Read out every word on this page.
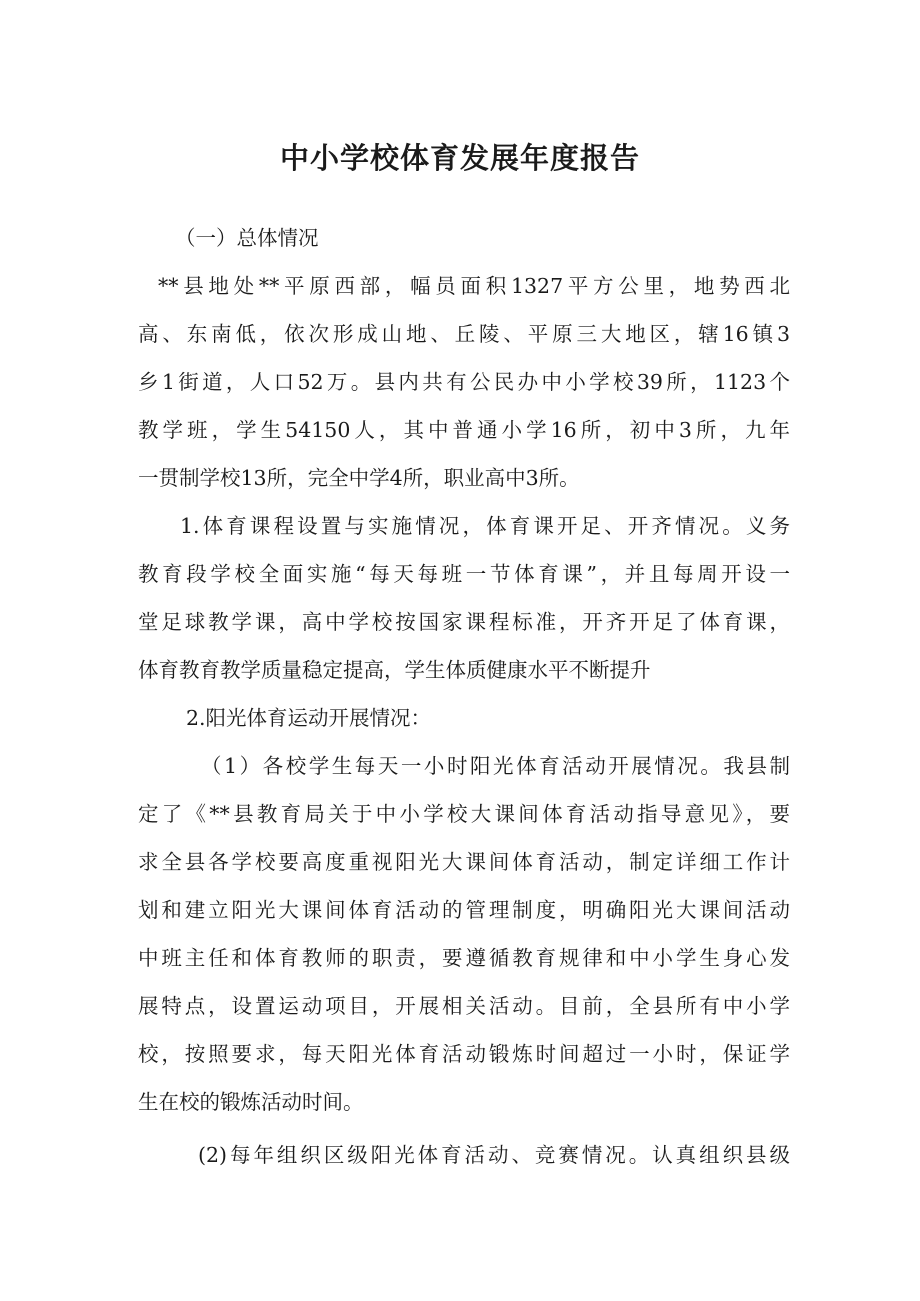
中小学校体育发展年度报告
（一）总体情况
**县地处**平原西部，幅员面积1327平方公里，地势西北
高、东南低，依次形成山地、丘陵、平原三大地区，辖16镇3
乡1街道，人口52万。县内共有公民办中小学校39所，1123个
教学班，学生54150人，其中普通小学16所，初中3所，九年
一贯制学校13所，完全中学4所，职业高中3所。
1.体育课程设置与实施情况，体育课开足、开齐情况。义务
教育段学校全面实施“每天每班一节体育课”，并且每周开设一
堂足球教学课，高中学校按国家课程标准，开齐开足了体育课，
体育教育教学质量稳定提高，学生体质健康水平不断提升
2.阳光体育运动开展情况：
（1）各校学生每天一小时阳光体育活动开展情况。我县制
定了《**县教育局关于中小学校大课间体育活动指导意见》，要
求全县各学校要高度重视阳光大课间体育活动，制定详细工作计
划和建立阳光大课间体育活动的管理制度，明确阳光大课间活动
中班主任和体育教师的职责，要遵循教育规律和中小学生身心发
展特点，设置运动项目，开展相关活动。目前，全县所有中小学
校，按照要求，每天阳光体育活动锻炼时间超过一小时，保证学
生在校的锻炼活动时间。
(2)每年组织区级阳光体育活动、竞赛情况。认真组织县级
